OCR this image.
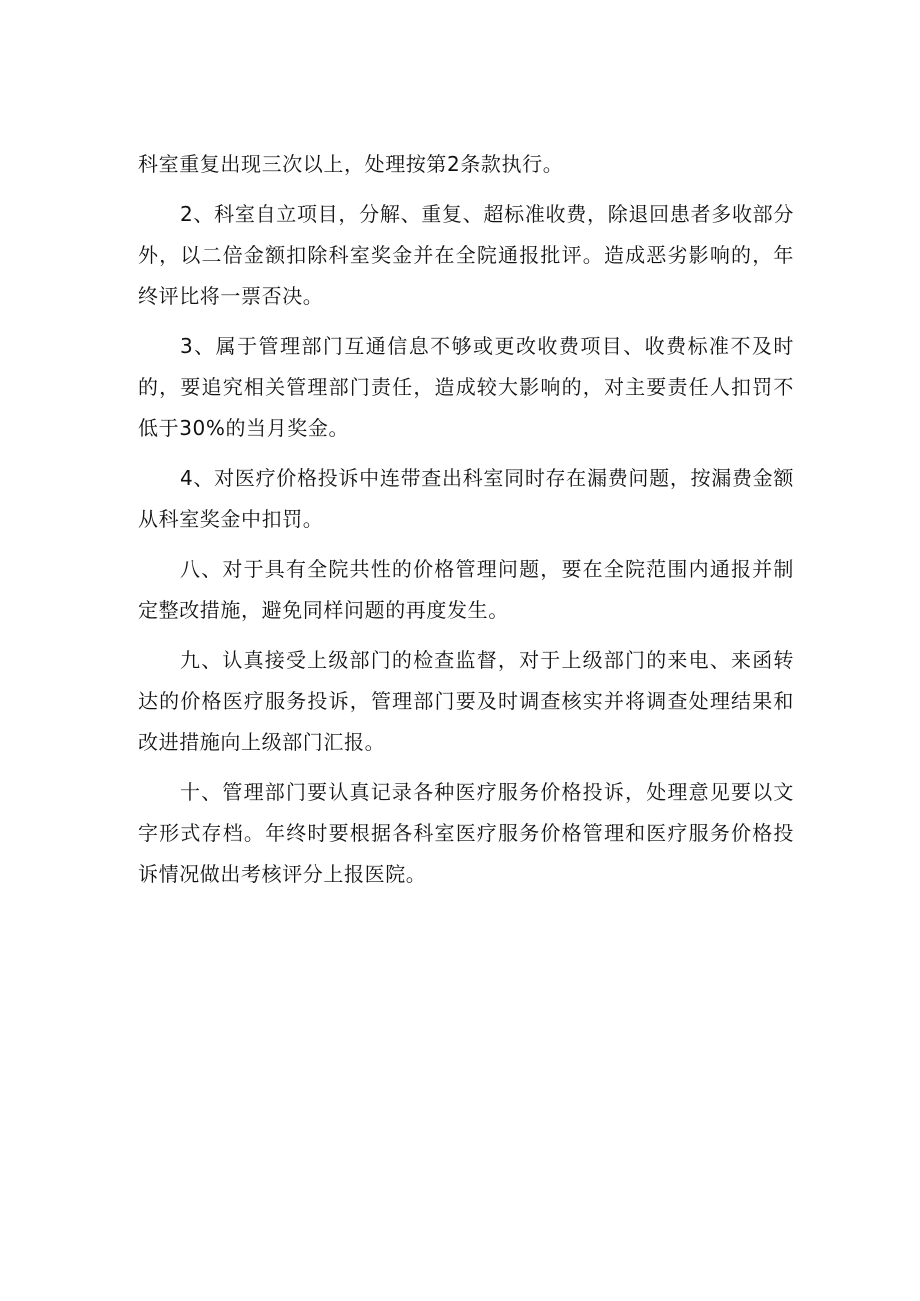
科室重复出现三次以上，处理按第2条款执行。

2、科室自立项目，分解、重复、超标准收费，除退回患者多收部分外，以二倍金额扣除科室奖金并在全院通报批评。造成恶劣影响的，年终评比将一票否决。

3、属于管理部门互通信息不够或更改收费项目、收费标准不及时的，要追究相关管理部门责任，造成较大影响的，对主要责任人扣罚不低于30%的当月奖金。

4、对医疗价格投诉中连带查出科室同时存在漏费问题，按漏费金额从科室奖金中扣罚。

八、对于具有全院共性的价格管理问题，要在全院范围内通报并制定整改措施，避免同样问题的再度发生。

九、认真接受上级部门的检查监督，对于上级部门的来电、来函转达的价格医疗服务投诉，管理部门要及时调查核实并将调查处理结果和改进措施向上级部门汇报。

十、管理部门要认真记录各种医疗服务价格投诉，处理意见要以文字形式存档。年终时要根据各科室医疗服务价格管理和医疗服务价格投诉情况做出考核评分上报医院。
